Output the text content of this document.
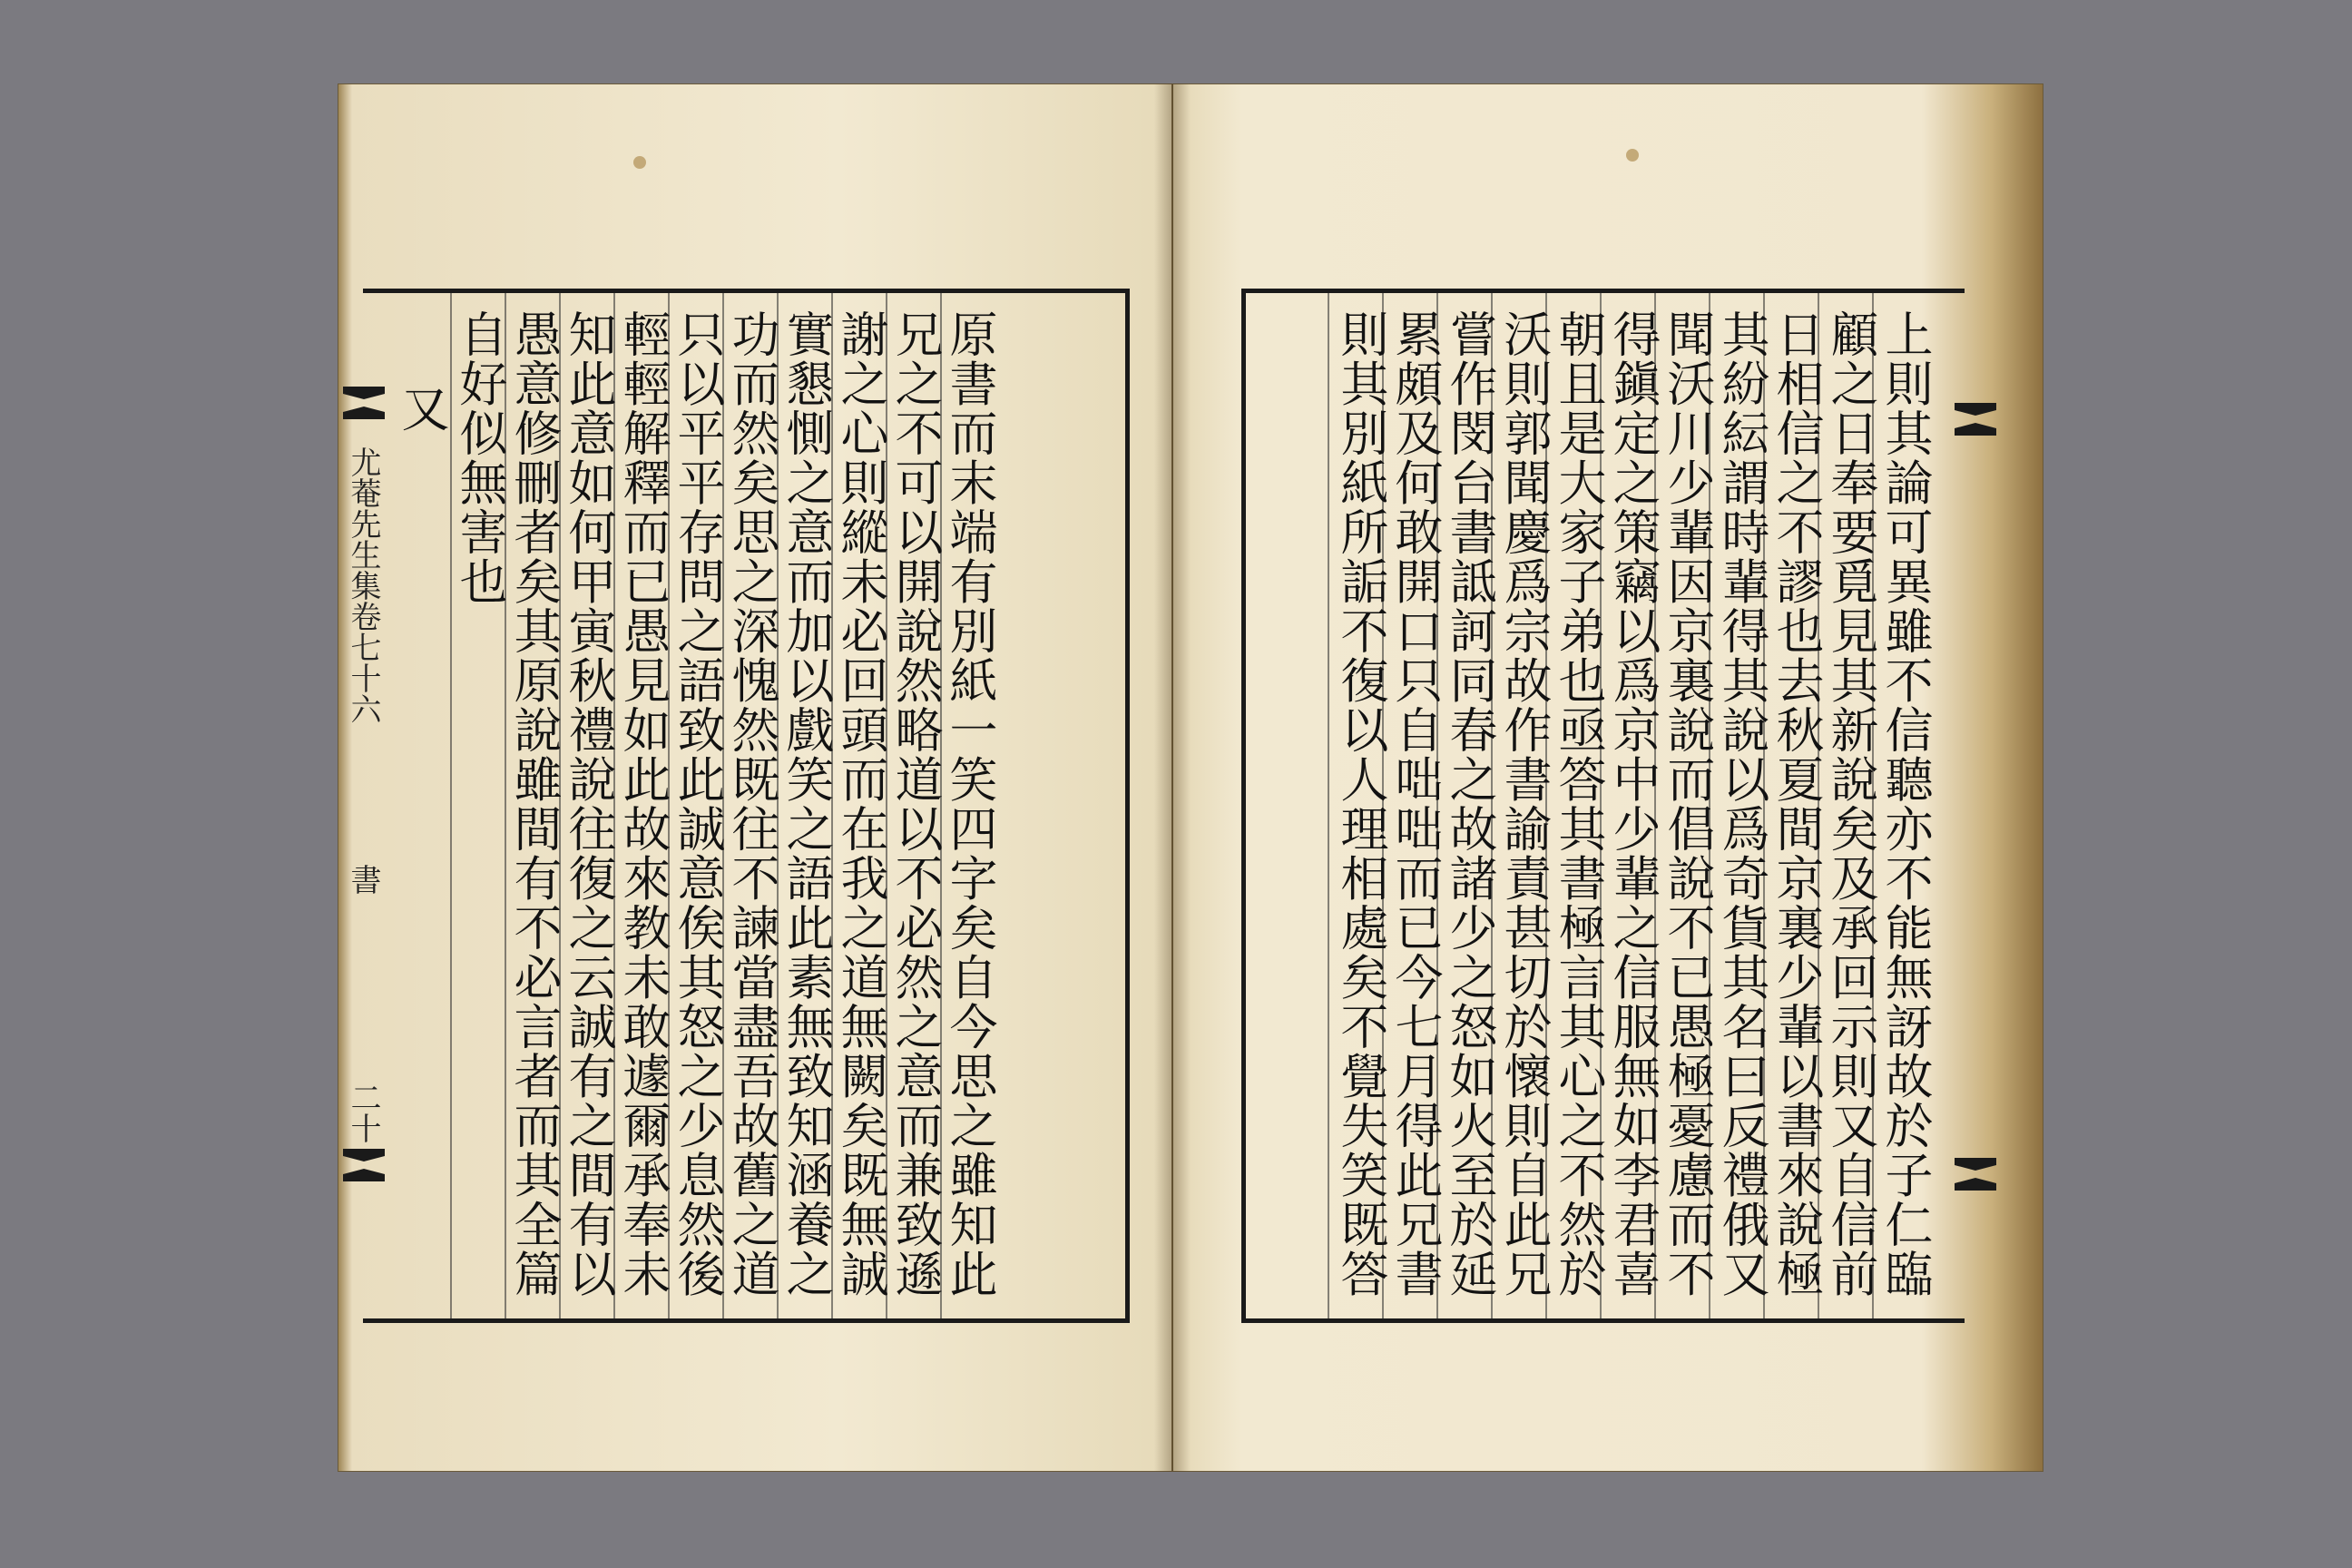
原書而末端有別紙一笑四字矣自今思之雖知此
兄之不可以開說然略道以不必然之意而兼致遜
謝之心則縱未必回頭而在我之道無闕矣既無誠
實懇惻之意而加以戲笑之語此素無致知涵養之
功而然矣思之深愧然既往不諫當盡吾故舊之道
只以平平存問之語致此誠意俟其怒之少息然後
輕輕解釋而已愚見如此故來教未敢遽爾承奉未
知此意如何甲寅秋禮說往復之云誠有之間有以
愚意修刪者矣其原說雖間有不必言者而其全篇
自好似無害也
又
尤菴先生集卷七十六
書
二十	上則其論可異雖不信聽亦不能無訝故於子仁臨
顧之日奉要覓見其新說矣及承回示則又自信前
日相信之不謬也去秋夏間京裏少輩以書來說極
其紛紜謂時輩得其說以爲奇貨其名曰反禮俄又
聞沃川少輩因京裏說而倡說不已愚極憂慮而不
得鎭定之策竊以爲京中少輩之信服無如李君喜
朝且是大家子弟也亟答其書極言其心之不然於
沃則郭聞慶爲宗故作書諭責甚切於懷則自此兄
嘗作閔台書詆訶同春之故諸少之怒如火至於延
累頗及何敢開口只自咄咄而已今七月得此兄書
則其別紙所詬不復以人理相處矣不覺失笑既答
